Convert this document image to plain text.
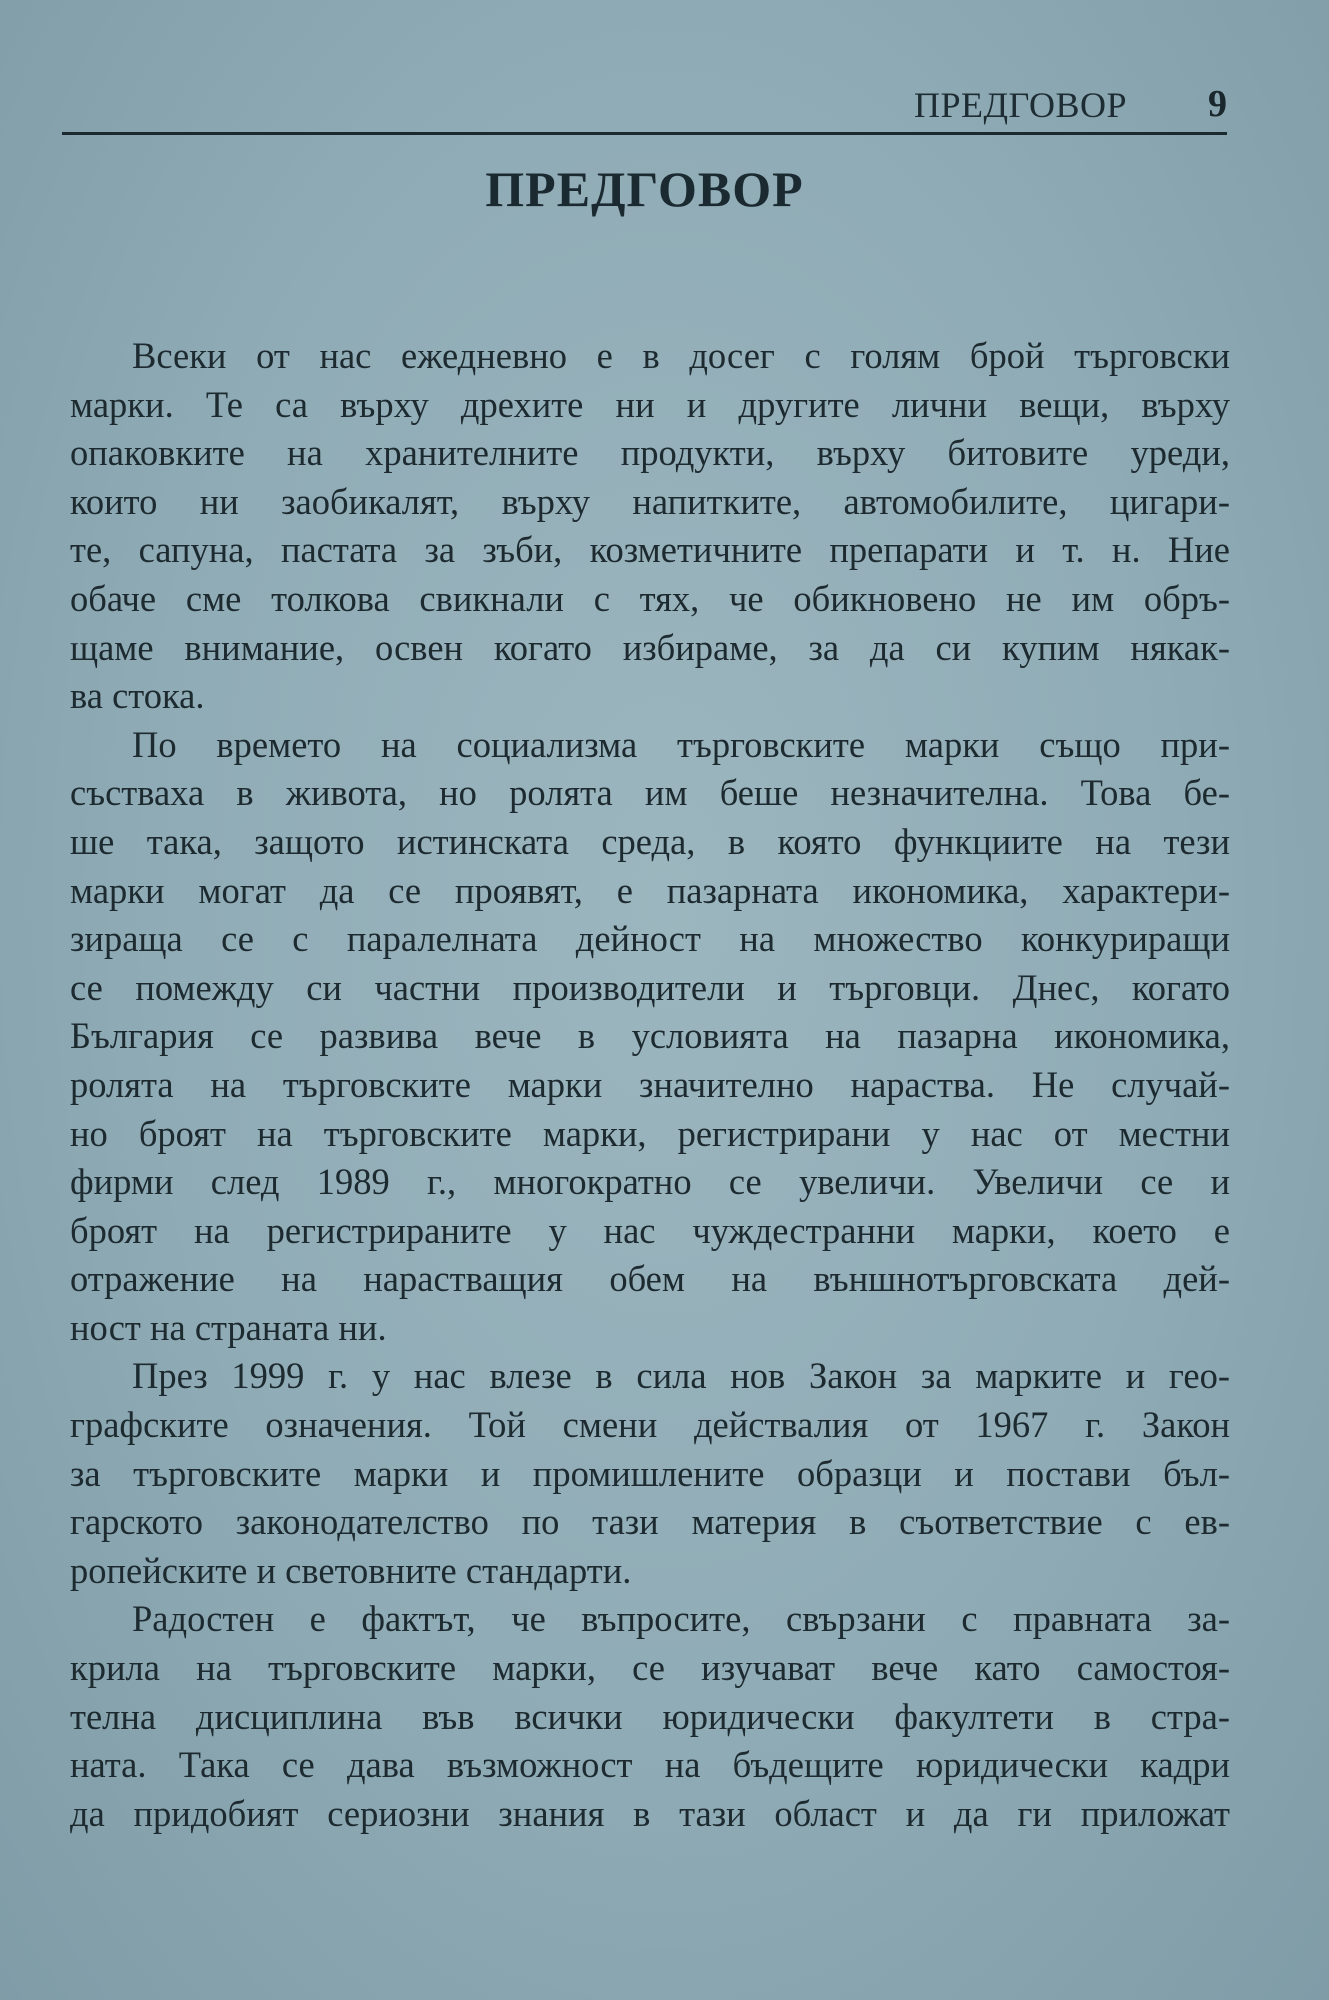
ПРЕДГОВОР 9
ПРЕДГОВОР
Всеки от нас ежедневно е в досег с голям брой търговски
марки. Те са върху дрехите ни и другите лични вещи, върху
опаковките на хранителните продукти, върху битовите уреди,
които ни заобикалят, върху напитките, автомобилите, цигари-
те, сапуна, пастата за зъби, козметичните препарати и т. н. Ние
обаче сме толкова свикнали с тях, че обикновено не им обръ-
щаме внимание, освен когато избираме, за да си купим някак-
ва стока.
По времето на социализма търговските марки също при-
състваха в живота, но ролята им беше незначителна. Това бе-
ше така, защото истинската среда, в която функциите на тези
марки могат да се проявят, е пазарната икономика, характери-
зираща се с паралелната дейност на множество конкуриращи
се помежду си частни производители и търговци. Днес, когато
България се развива вече в условията на пазарна икономика,
ролята на търговските марки значително нараства. Не случай-
но броят на търговските марки, регистрирани у нас от местни
фирми след 1989 г., многократно се увеличи. Увеличи се и
броят на регистрираните у нас чуждестранни марки, което е
отражение на нарастващия обем на външнотърговската дей-
ност на страната ни.
През 1999 г. у нас влезе в сила нов Закон за марките и гео-
графските означения. Той смени действалия от 1967 г. Закон
за търговските марки и промишлените образци и постави бъл-
гарското законодателство по тази материя в съответствие с ев-
ропейските и световните стандарти.
Радостен е фактът, че въпросите, свързани с правната за-
крила на търговските марки, се изучават вече като самостоя-
телна дисциплина във всички юридически факултети в стра-
ната. Така се дава възможност на бъдещите юридически кадри
да придобият сериозни знания в тази област и да ги приложат
